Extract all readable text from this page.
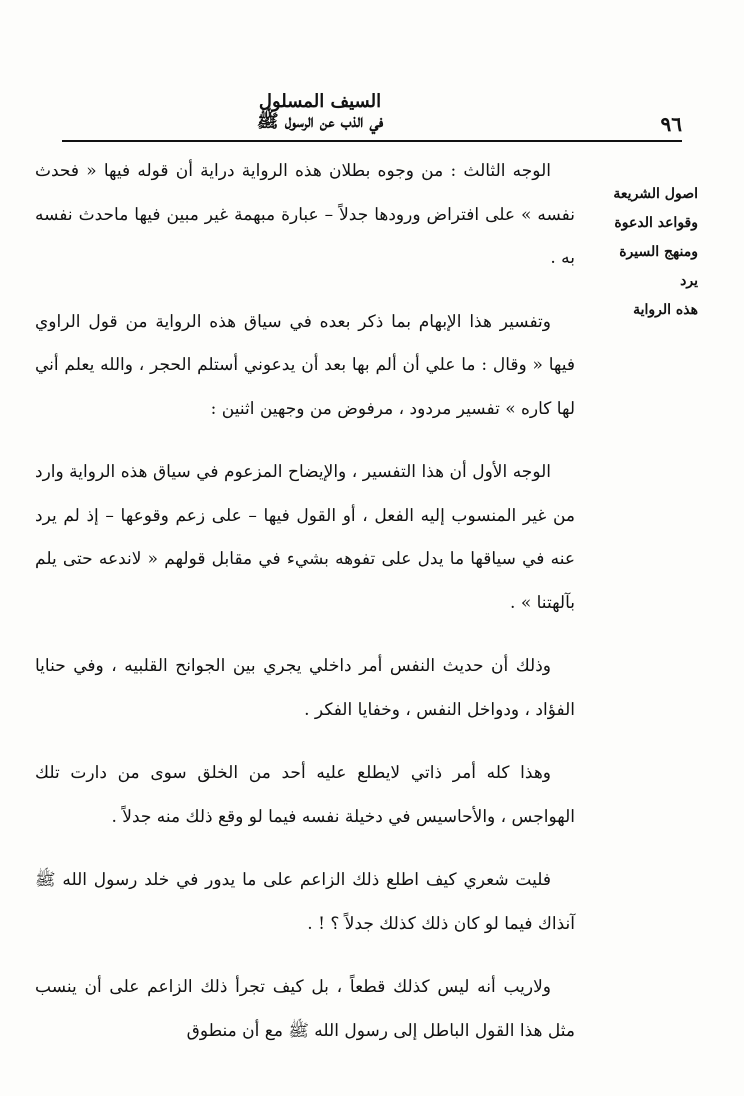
السيف المسلول
في الذب عن الرسول ﷺ	٩٦
اصول الشريعة
وقواعد الدعوة
ومنهج السيرة يرد
هذه الرواية

الوجه الثالث : من وجوه بطلان هذه الرواية دراية أن قوله فيها « فحدث نفسه » على افتراض ورودها جدلاً – عبارة مبهمة غير مبين فيها ماحدث نفسه به .

وتفسير هذا الإبهام بما ذكر بعده في سياق هذه الرواية من قول الراوي فيها « وقال : ما علي أن ألم بها بعد أن يدعوني أستلم الحجر ، والله يعلم أني لها كاره » تفسير مردود ، مرفوض من وجهين اثنين :

الوجه الأول أن هذا التفسير ، والإيضاح المزعوم في سياق هذه الرواية وارد من غير المنسوب إليه الفعل ، أو القول فيها – على زعم وقوعها – إذ لم يرد عنه في سياقها ما يدل على تفوهه بشيء في مقابل قولهم « لاندعه حتى يلم بآلهتنا » .

وذلك أن حديث النفس أمر داخلي يجري بين الجوانح القلبيه ، وفي حنايا الفؤاد ، ودواخل النفس ، وخفايا الفكر .

وهذا كله أمر ذاتي لايطلع عليه أحد من الخلق سوى من دارت تلك الهواجس ، والأحاسيس في دخيلة نفسه فيما لو وقع ذلك منه جدلاً .

فليت شعري كيف اطلع ذلك الزاعم على ما يدور في خلد رسول الله ﷺ آنذاك فيما لو كان ذلك كذلك جدلاً ؟ ! .

ولاريب أنه ليس كذلك قطعاً ، بل كيف تجرأ ذلك الزاعم على أن ينسب مثل هذا القول الباطل إلى رسول الله ﷺ مع أن منطوق
